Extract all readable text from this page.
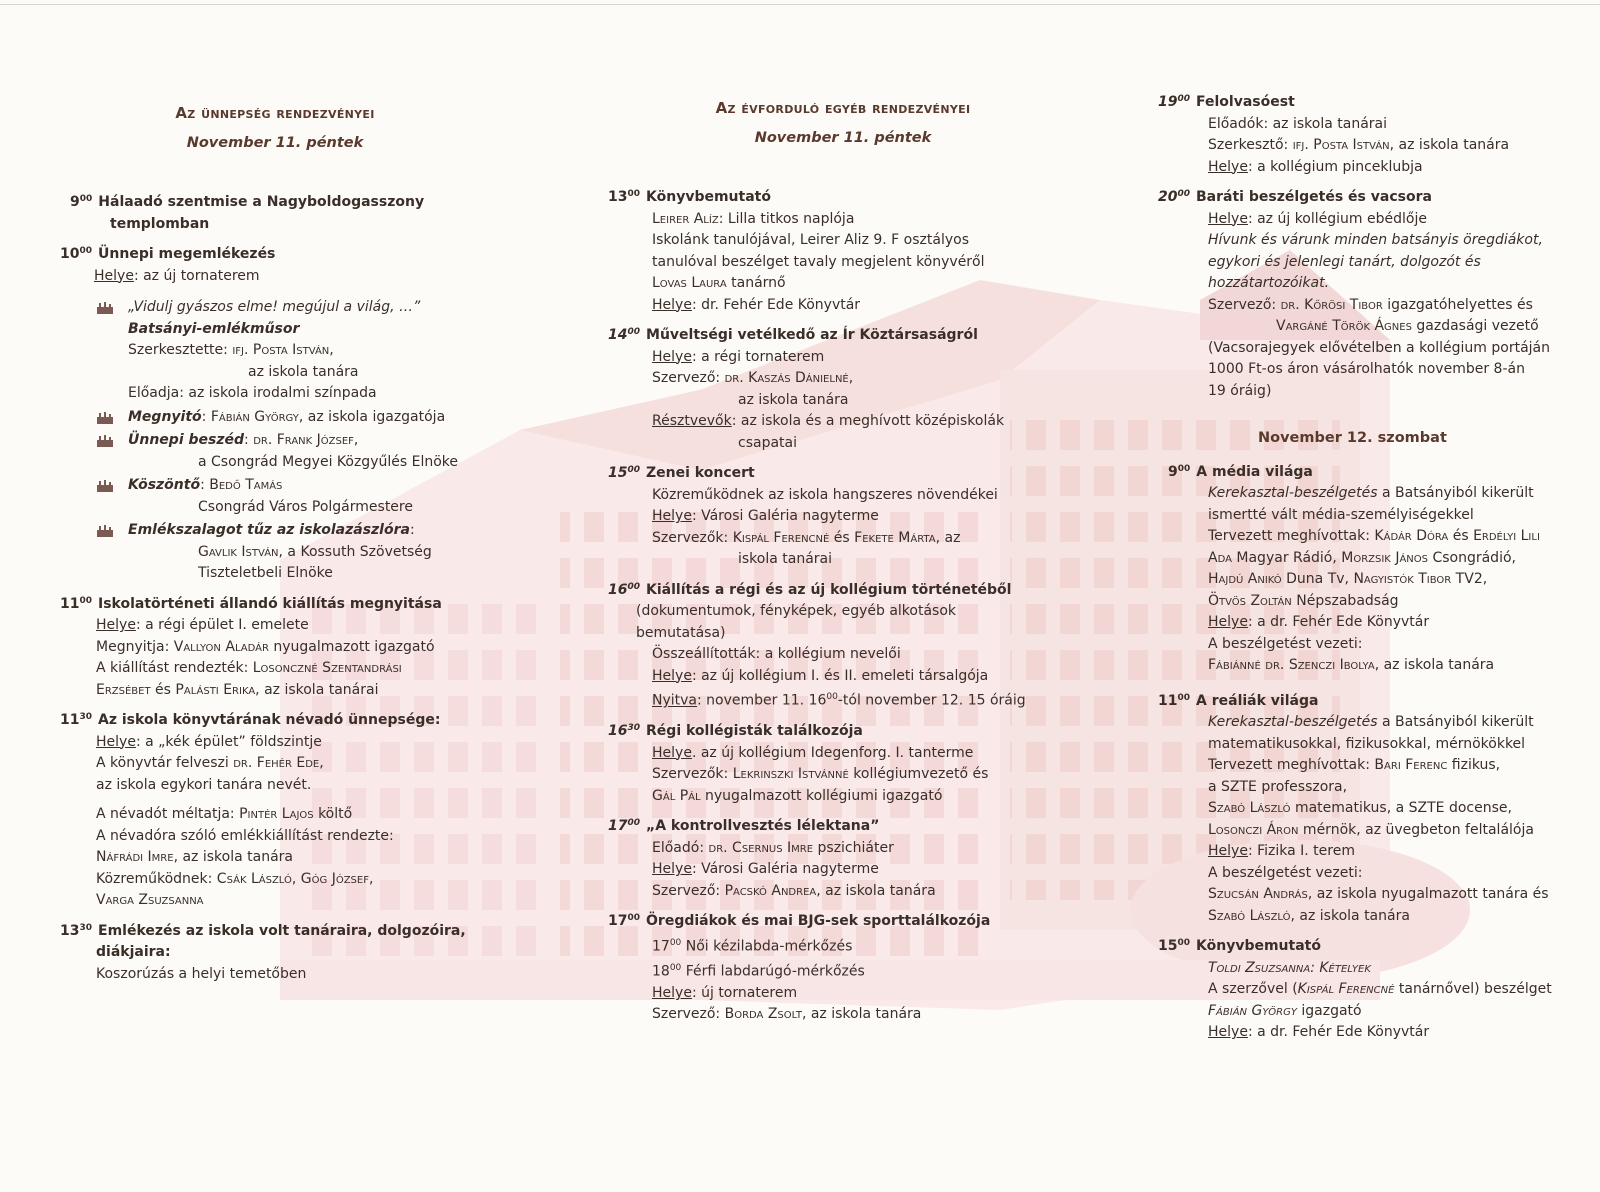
Az ünnepség rendezvényei
November 11. péntek
$9^{00}$ Hálaadó szentmise a Nagyboldogasszony
templomban
$10^{00}$ Ünnepi megemlékezés
Helye: az új tornaterem
„Vidulj gyászos elme! megújul a világ, …”
Batsányi-emlékműsor
Szerkesztette: ifj. Posta István,
az iskola tanára
Előadja: az iskola irodalmi színpada
Megnyitó: Fábián György, az iskola igazgatója
Ünnepi beszéd: dr. Frank József,
a Csongrád Megyei Közgyűlés Elnöke
Köszöntő: Bedő Tamás
Csongrád Város Polgármestere
Emlékszalagot tűz az iskolazászlóra:
Gavlik István, a Kossuth Szövetség
Tiszteletbeli Elnöke
$11^{00}$ Iskolatörténeti állandó kiállítás megnyitása
Helye: a régi épület I. emelete
Megnyitja: Vallyon Aladár nyugalmazott igazgató
A kiállítást rendezték: Losonczné Szentandrási
Erzsébet és Palásti Erika, az iskola tanárai
$11^{30}$ Az iskola könyvtárának névadó ünnepsége:
Helye: a „kék épület” földszintje
A könyvtár felveszi dr. Fehér Ede,
az iskola egykori tanára nevét.
A névadót méltatja: Pintér Lajos költő
A névadóra szóló emlékkiállítást rendezte:
Náfrádi Imre, az iskola tanára
Közreműködnek: Csák László, Góg József,
Varga Zsuzsanna
$13^{30}$ Emlékezés az iskola volt tanáraira, dolgozóira,
diákjaira:
Koszorúzás a helyi temetőben
Az évforduló egyéb rendezvényei
November 11. péntek
$13^{00}$ Könyvbemutató
Leirer Alíz: Lilla titkos naplója
Iskolánk tanulójával, Leirer Aliz 9. F osztályos
tanulóval beszélget tavaly megjelent könyvéről
Lovas Laura tanárnő
Helye: dr. Fehér Ede Könyvtár
$14^{00}$ Műveltségi vetélkedő az Ír Köztársaságról
Helye: a régi tornaterem
Szervező: dr. Kaszás Dánielné,
az iskola tanára
Résztvevők: az iskola és a meghívott középiskolák
csapatai
$15^{00}$ Zenei koncert
Közreműködnek az iskola hangszeres növendékei
Helye: Városi Galéria nagyterme
Szervezők: Kispál Ferencné és Fekete Márta, az
iskola tanárai
$16^{00}$ Kiállítás a régi és az új kollégium történetéből
(dokumentumok, fényképek, egyéb alkotások
bemutatása)
Összeállították: a kollégium nevelői
Helye: az új kollégium I. és II. emeleti társalgója
Nyitva: november 11. $16^{00}$-tól november 12. 15 óráig
$16^{30}$ Régi kollégisták találkozója
Helye. az új kollégium Idegenforg. I. tanterme
Szervezők: Lekrinszki Istvánné kollégiumvezető és
Gál Pál nyugalmazott kollégiumi igazgató
$17^{00}$ „A kontrollvesztés lélektana”
Előadó: dr. Csernus Imre pszichiáter
Helye: Városi Galéria nagyterme
Szervező: Pacskó Andrea, az iskola tanára
$17^{00}$ Öregdiákok és mai BJG-sek sporttalálkozója
$17^{00}$ Női kézilabda-mérkőzés
$18^{00}$ Férfi labdarúgó-mérkőzés
Helye: új tornaterem
Szervező: Borda Zsolt, az iskola tanára
$19^{00}$ Felolvasóest
Előadók: az iskola tanárai
Szerkesztő: ifj. Posta István, az iskola tanára
Helye: a kollégium pinceklubja
$20^{00}$ Baráti beszélgetés és vacsora
Helye: az új kollégium ebédlője
Hívunk és várunk minden batsányis öregdiákot,
egykori és jelenlegi tanárt, dolgozót és
hozzátartozóikat.
Szervező: dr. Kőrösi Tibor igazgatóhelyettes és
Vargáné Török Ágnes gazdasági vezető
(Vacsorajegyek elővételben a kollégium portáján
1000 Ft-os áron vásárolhatók november 8-án
19 óráig)
November 12. szombat
$9^{00}$ A média világa
Kerekasztal-beszélgetés a Batsányiból kikerült
ismertté vált média-személyiségekkel
Tervezett meghívottak: Kádár Dóra és Erdélyi Lili
Ada Magyar Rádió, Morzsik János Csongrádió,
Hajdú Anikó Duna Tv, Nagyistók Tibor TV2,
Ötvös Zoltán Népszabadság
Helye: a dr. Fehér Ede Könyvtár
A beszélgetést vezeti:
Fábiánné dr. Szenczi Ibolya, az iskola tanára
$11^{00}$ A reáliák világa
Kerekasztal-beszélgetés a Batsányiból kikerült
matematikusokkal, fizikusokkal, mérnökökkel
Tervezett meghívottak: Bari Ferenc fizikus,
a SZTE professzora,
Szabó László matematikus, a SZTE docense,
Losonczi Áron mérnök, az üvegbeton feltalálója
Helye: Fizika I. terem
A beszélgetést vezeti:
Szucsán András, az iskola nyugalmazott tanára és
Szabó László, az iskola tanára
$15^{00}$ Könyvbemutató
Toldi Zsuzsanna: Kételyek
A szerzővel (Kispál Ferencné tanárnővel) beszélget
Fábián György igazgató
Helye: a dr. Fehér Ede Könyvtár
